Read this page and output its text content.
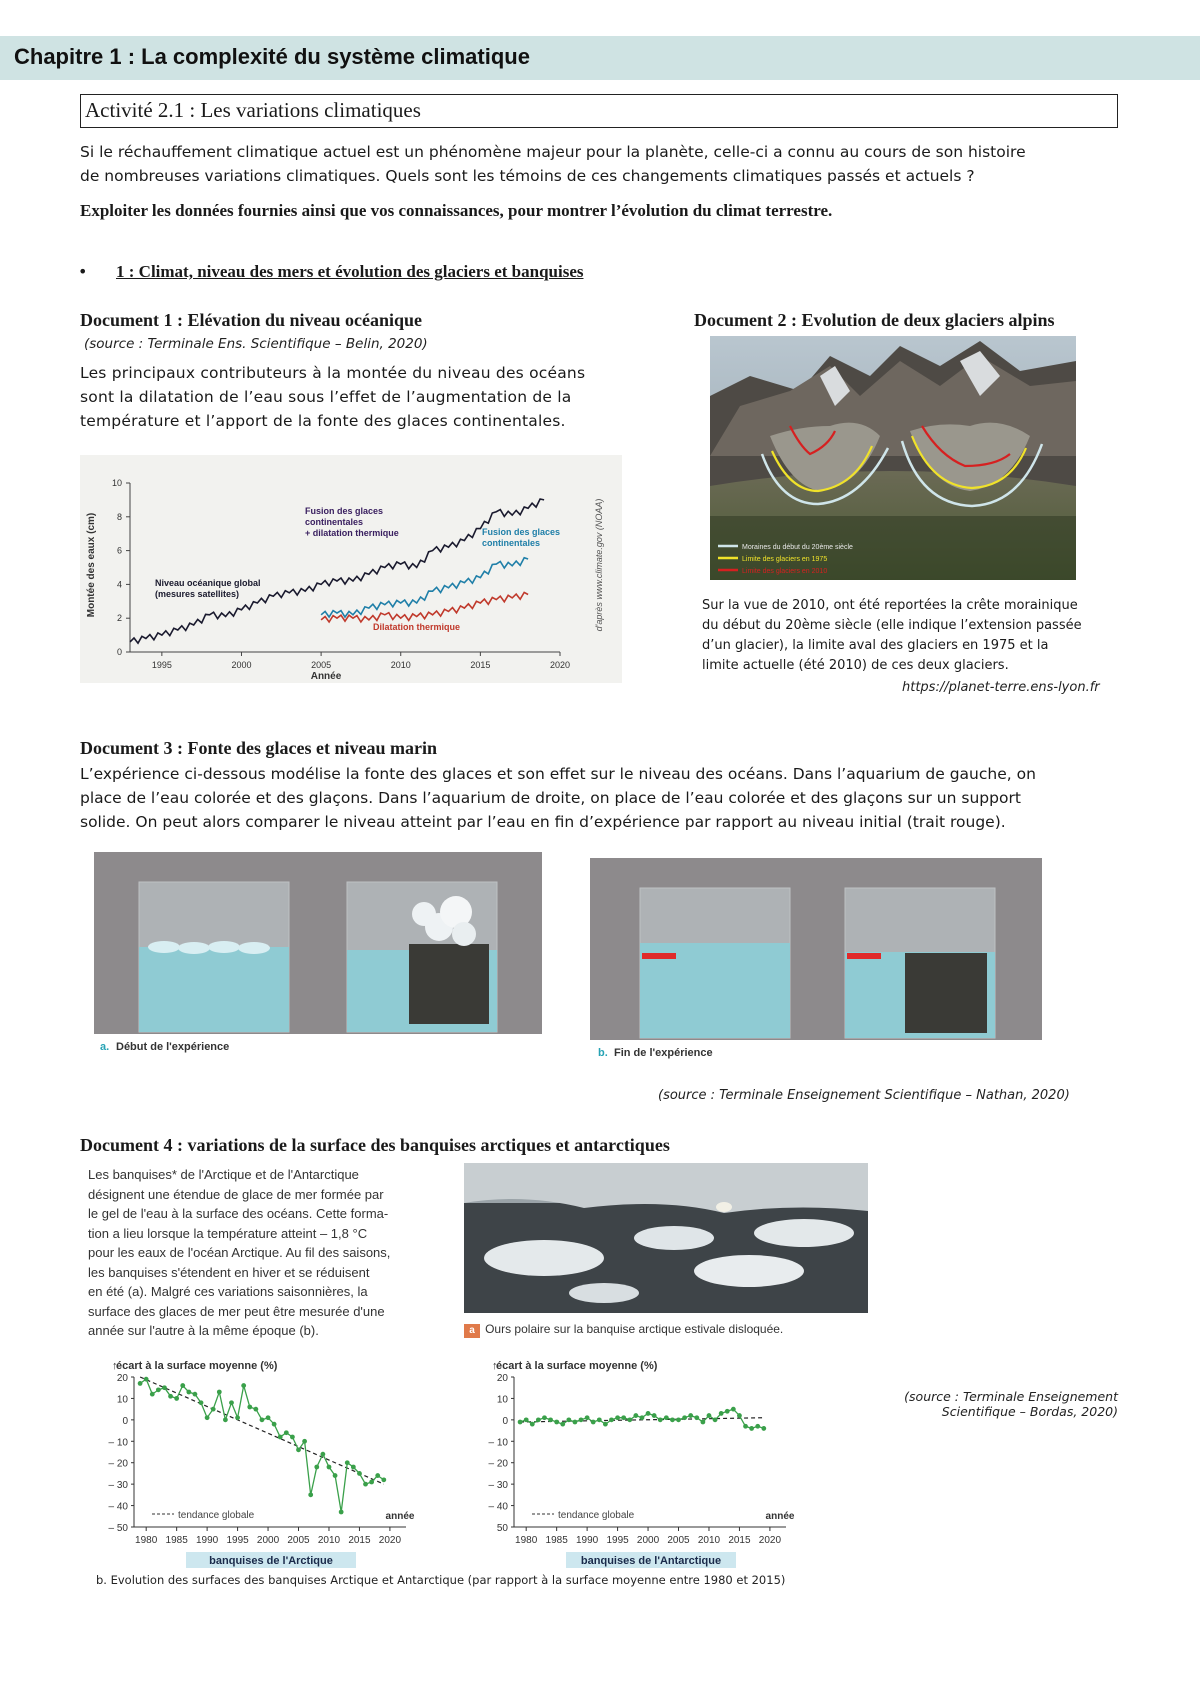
Chapitre 1 : La complexité du système climatique
Activité 2.1 : Les variations climatiques
Si le réchauffement climatique actuel est un phénomène majeur pour la planète, celle-ci a connu au cours de son histoire
de nombreuses variations climatiques. Quels sont les témoins de ces changements climatiques passés et actuels ?
Exploiter les données fournies ainsi que vos connaissances, pour montrer l’évolution du climat terrestre.
• 1 : Climat, niveau des mers et évolution des glaciers et banquises
Document 1 : Elévation du niveau océanique
(source : Terminale Ens. Scientifique – Belin, 2020)
Les principaux contributeurs à la montée du niveau des océans
sont la dilatation de l’eau sous l’effet de l’augmentation de la
température et l’apport de la fonte des glaces continentales.
0
2
4
6
8
10
1995	2000	2005	2010	2015	2020
Montée des eaux (cm)
Année
d'après www.climate.gov (NOAA)
Niveau océanique global
(mesures satellites)
Fusion des glaces
continentales
+ dilatation thermique	Fusion des glaces
continentales
Dilatation thermique
Document 2 : Evolution de deux glaciers alpins
Moraines du début du 20ème siècle
Limite des glaciers en 1975
Limite des glaciers en 2010
Sur la vue de 2010, ont été reportées la crête morainique
du début du 20ème siècle (elle indique l’extension passée
d’un glacier), la limite aval des glaciers en 1975 et la
limite actuelle (été 2010) de ces deux glaciers.
https://planet-terre.ens-lyon.fr
Document 3 : Fonte des glaces et niveau marin
L’expérience ci-dessous modélise la fonte des glaces et son effet sur le niveau des océans. Dans l’aquarium de gauche, on
place de l’eau colorée et des glaçons. Dans l’aquarium de droite, on place de l’eau colorée et des glaçons sur un support
solide. On peut alors comparer le niveau atteint par l’eau en fin d’expérience par rapport au niveau initial (trait rouge).
a. Début de l'expérience	b. Fin de l'expérience
(source : Terminale Enseignement Scientifique – Nathan, 2020)
Document 4 : variations de la surface des banquises arctiques et antarctiques
Les banquises* de l'Arctique et de l'Antarctique
désignent une étendue de glace de mer formée par
le gel de l'eau à la surface des océans. Cette forma-
tion a lieu lorsque la température atteint – 1,8 °C
pour les eaux de l'océan Arctique. Au fil des saisons,
les banquises s'étendent en hiver et se réduisent
en été (a). Malgré ces variations saisonnières, la
surface des glaces de mer peut être mesurée d'une
année sur l'autre à la même époque (b).	a Ours polaire sur la banquise arctique estivale disloquée.
écart à la surface moyenne (%)
↑
20
10
0
– 10
– 20
– 30
– 40
– 50
1980 1985 1990 1995 2000 2005 2010 2015 2020
année
tendance globale
banquises de l'Arctique
écart à la surface moyenne (%)
↑
20
10
0
– 10
– 20
– 30
– 40
50
1980 1985 1990 1995 2000 2005 2010 2015 2020
année
tendance globale
banquises de l'Antarctique
(source : Terminale Enseignement
Scientifique – Bordas, 2020)
b. Evolution des surfaces des banquises Arctique et Antarctique (par rapport à la surface moyenne entre 1980 et 2015)
